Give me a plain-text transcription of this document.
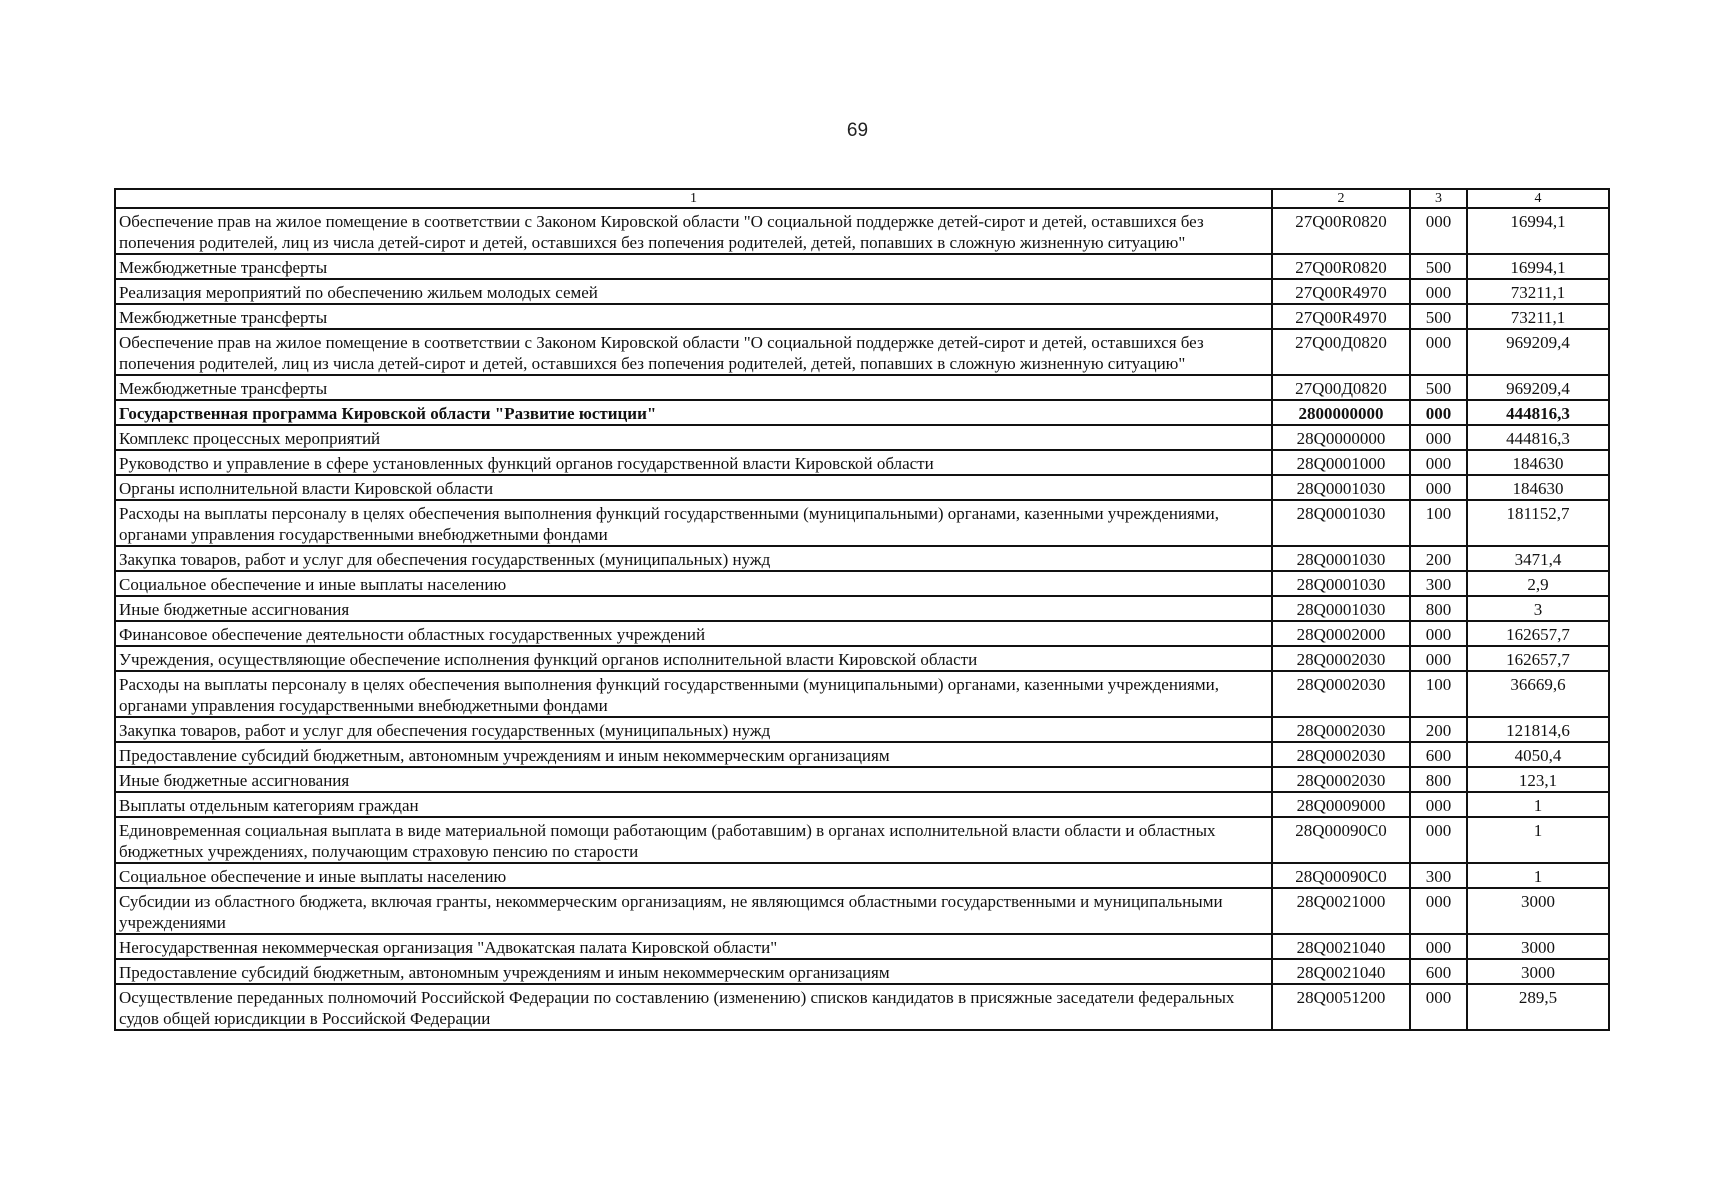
69
1	2	3	4
Обеспечение прав на жилое помещение в соответствии с Законом Кировской области "О социальной поддержке детей-сирот и детей, оставшихся без попечения родителей, лиц из числа детей-сирот и детей, оставшихся без попечения родителей, детей, попавших в сложную жизненную ситуацию"	27Q00R0820	000	16994,1
Межбюджетные трансферты	27Q00R0820	500	16994,1
Реализация мероприятий по обеспечению жильем молодых семей	27Q00R4970	000	73211,1
Межбюджетные трансферты	27Q00R4970	500	73211,1
Обеспечение прав на жилое помещение в соответствии с Законом Кировской области "О социальной поддержке детей-сирот и детей, оставшихся без попечения родителей, лиц из числа детей-сирот и детей, оставшихся без попечения родителей, детей, попавших в сложную жизненную ситуацию"	27Q00Д0820	000	969209,4
Межбюджетные трансферты	27Q00Д0820	500	969209,4
Государственная программа Кировской области "Развитие юстиции"	2800000000	000	444816,3
Комплекс процессных мероприятий	28Q0000000	000	444816,3
Руководство и управление в сфере установленных функций органов государственной власти Кировской области	28Q0001000	000	184630
Органы исполнительной власти Кировской области	28Q0001030	000	184630
Расходы на выплаты персоналу в целях обеспечения выполнения функций государственными (муниципальными) органами, казенными учреждениями, органами управления государственными внебюджетными фондами	28Q0001030	100	181152,7
Закупка товаров, работ и услуг для обеспечения государственных (муниципальных) нужд	28Q0001030	200	3471,4
Социальное обеспечение и иные выплаты населению	28Q0001030	300	2,9
Иные бюджетные ассигнования	28Q0001030	800	3
Финансовое обеспечение деятельности областных государственных учреждений	28Q0002000	000	162657,7
Учреждения, осуществляющие обеспечение исполнения функций органов исполнительной власти Кировской области	28Q0002030	000	162657,7
Расходы на выплаты персоналу в целях обеспечения выполнения функций государственными (муниципальными) органами, казенными учреждениями, органами управления государственными внебюджетными фондами	28Q0002030	100	36669,6
Закупка товаров, работ и услуг для обеспечения государственных (муниципальных) нужд	28Q0002030	200	121814,6
Предоставление субсидий бюджетным, автономным учреждениям и иным некоммерческим организациям	28Q0002030	600	4050,4
Иные бюджетные ассигнования	28Q0002030	800	123,1
Выплаты отдельным категориям граждан	28Q0009000	000	1
Единовременная социальная выплата в виде материальной помощи работающим (работавшим) в органах исполнительной власти области и областных бюджетных учреждениях, получающим страховую пенсию по старости	28Q00090C0	000	1
Социальное обеспечение и иные выплаты населению	28Q00090C0	300	1
Субсидии из областного бюджета, включая гранты, некоммерческим организациям, не являющимся областными государственными и муниципальными учреждениями	28Q0021000	000	3000
Негосударственная некоммерческая организация "Адвокатская палата Кировской области"	28Q0021040	000	3000
Предоставление субсидий бюджетным, автономным учреждениям и иным некоммерческим организациям	28Q0021040	600	3000
Осуществление переданных полномочий Российской Федерации по составлению (изменению) списков кандидатов в присяжные заседатели федеральных судов общей юрисдикции в Российской Федерации	28Q0051200	000	289,5
